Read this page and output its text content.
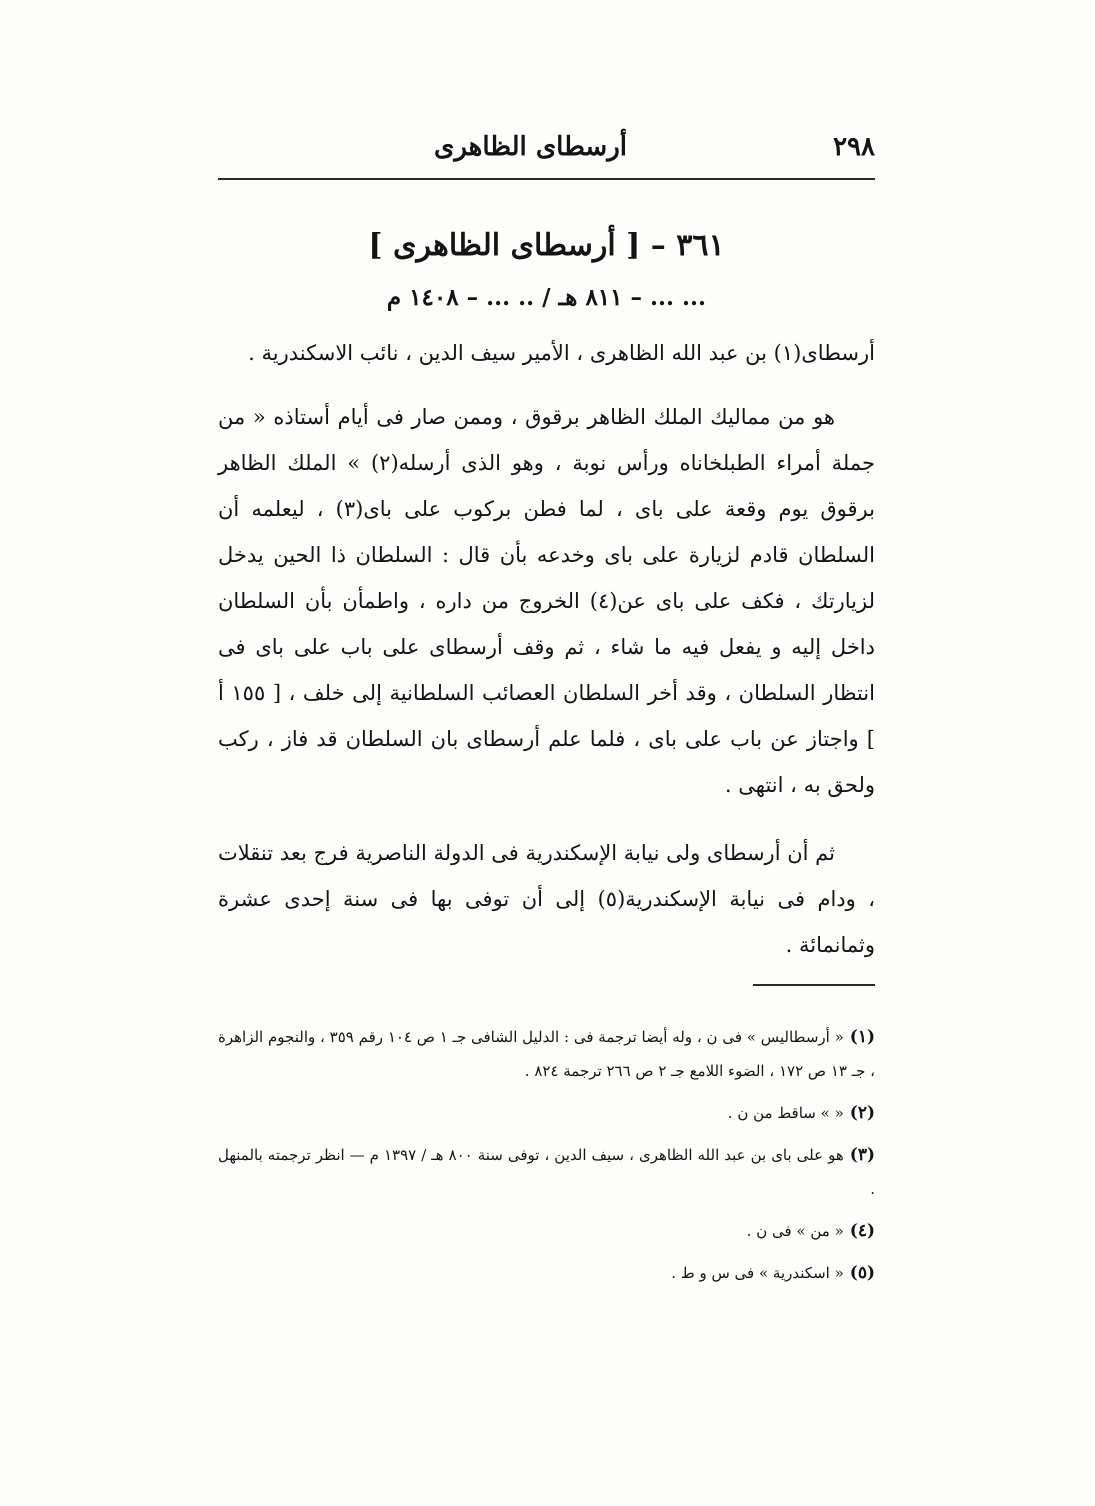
٢٩٨
أرسطاى الظاهرى
٣٦١ – [ أرسطاى الظاهرى ]
... ... – ٨١١ هـ / .. ... – ١٤٠٨ م

أرسطاى(١) بن عبد الله الظاهرى ، الأمير سيف الدين ، نائب الاسكندرية .

هو من مماليك الملك الظاهر برقوق ، وممن صار فى أيام أستاذه « من جملة أمراء الطبلخاناه ورأس نوبة ، وهو الذى أرسله(٢) » الملك الظاهر برقوق يوم وقعة على باى ، لما فطن بركوب على باى(٣) ، ليعلمه أن السلطان قادم لزيارة على باى وخدعه بأن قال : السلطان ذا الحين يدخل لزيارتك ، فكف على باى عن(٤) الخروج من داره ، واطمأن بأن السلطان داخل إليه و يفعل فيه ما شاء ، ثم وقف أرسطاى على باب على باى فى انتظار السلطان ، وقد أخر السلطان العصائب السلطانية إلى خلف ، [ ١٥٥ أ ] واجتاز عن باب على باى ، فلما علم أرسطاى بان السلطان قد فاز ، ركب ولحق به ، انتهى .

ثم أن أرسطاى ولى نيابة الإسكندرية فى الدولة الناصرية فرج بعد تنقلات ، ودام فى نيابة الإسكندرية(٥) إلى أن توفى بها فى سنة إحدى عشرة وثمانمائة .

(١)« أرسطاليس » فى ن ، وله أيضا ترجمة فى : الدليل الشافى جـ ١ ص ١٠٤ رقم ٣٥٩ ، والنجوم الزاهرة ، جـ ١٣ ص ١٧٢ ، الضوء اللامع جـ ٢ ص ٢٦٦ ترجمة ٨٢٤ .

(٢)« » ساقط من ن .

(٣)هو على باى بن عبد الله الظاهرى ، سيف الدين ، توفى سنة ٨٠٠ هـ / ١٣٩٧ م — انظر ترجمته بالمنهل .

(٤)« من » فى ن .

(٥)« اسكندرية » فى س و ط .
